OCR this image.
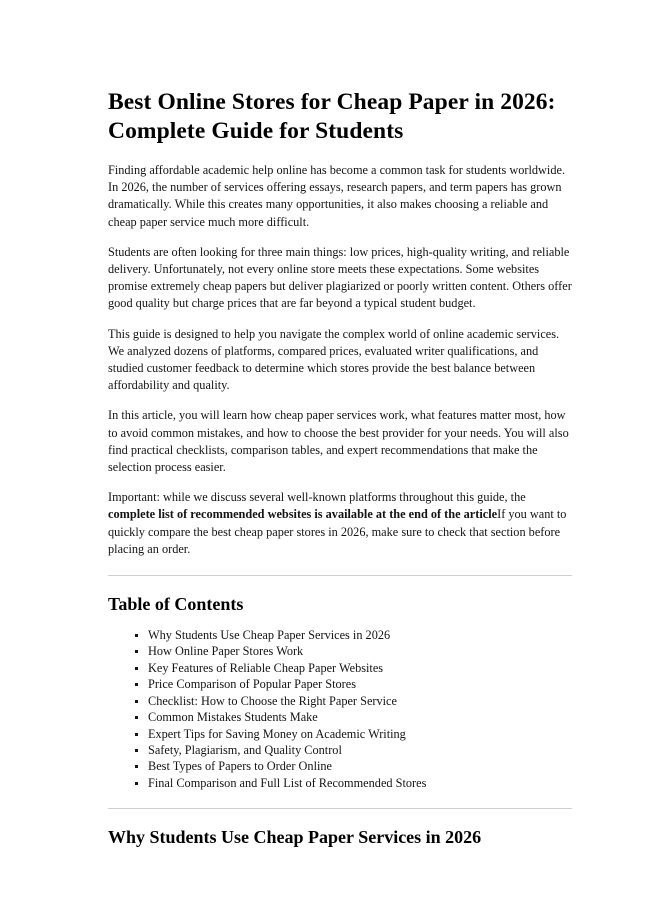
Best Online Stores for Cheap Paper in 2026: Complete Guide for Students

Finding affordable academic help online has become a common task for students worldwide. In 2026, the number of services offering essays, research papers, and term papers has grown dramatically. While this creates many opportunities, it also makes choosing a reliable and cheap paper service much more difficult.

Students are often looking for three main things: low prices, high-quality writing, and reliable delivery. Unfortunately, not every online store meets these expectations. Some websites promise extremely cheap papers but deliver plagiarized or poorly written content. Others offer good quality but charge prices that are far beyond a typical student budget.

This guide is designed to help you navigate the complex world of online academic services. We analyzed dozens of platforms, compared prices, evaluated writer qualifications, and studied customer feedback to determine which stores provide the best balance between affordability and quality.

In this article, you will learn how cheap paper services work, what features matter most, how to avoid common mistakes, and how to choose the best provider for your needs. You will also find practical checklists, comparison tables, and expert recommendations that make the selection process easier.

Important: while we discuss several well-known platforms throughout this guide, the complete list of recommended websites is available at the end of the articleIf you want to quickly compare the best cheap paper stores in 2026, make sure to check that section before placing an order.

Table of Contents
Why Students Use Cheap Paper Services in 2026
How Online Paper Stores Work
Key Features of Reliable Cheap Paper Websites
Price Comparison of Popular Paper Stores
Checklist: How to Choose the Right Paper Service
Common Mistakes Students Make
Expert Tips for Saving Money on Academic Writing
Safety, Plagiarism, and Quality Control
Best Types of Papers to Order Online
Final Comparison and Full List of Recommended Stores
Why Students Use Cheap Paper Services in 2026
